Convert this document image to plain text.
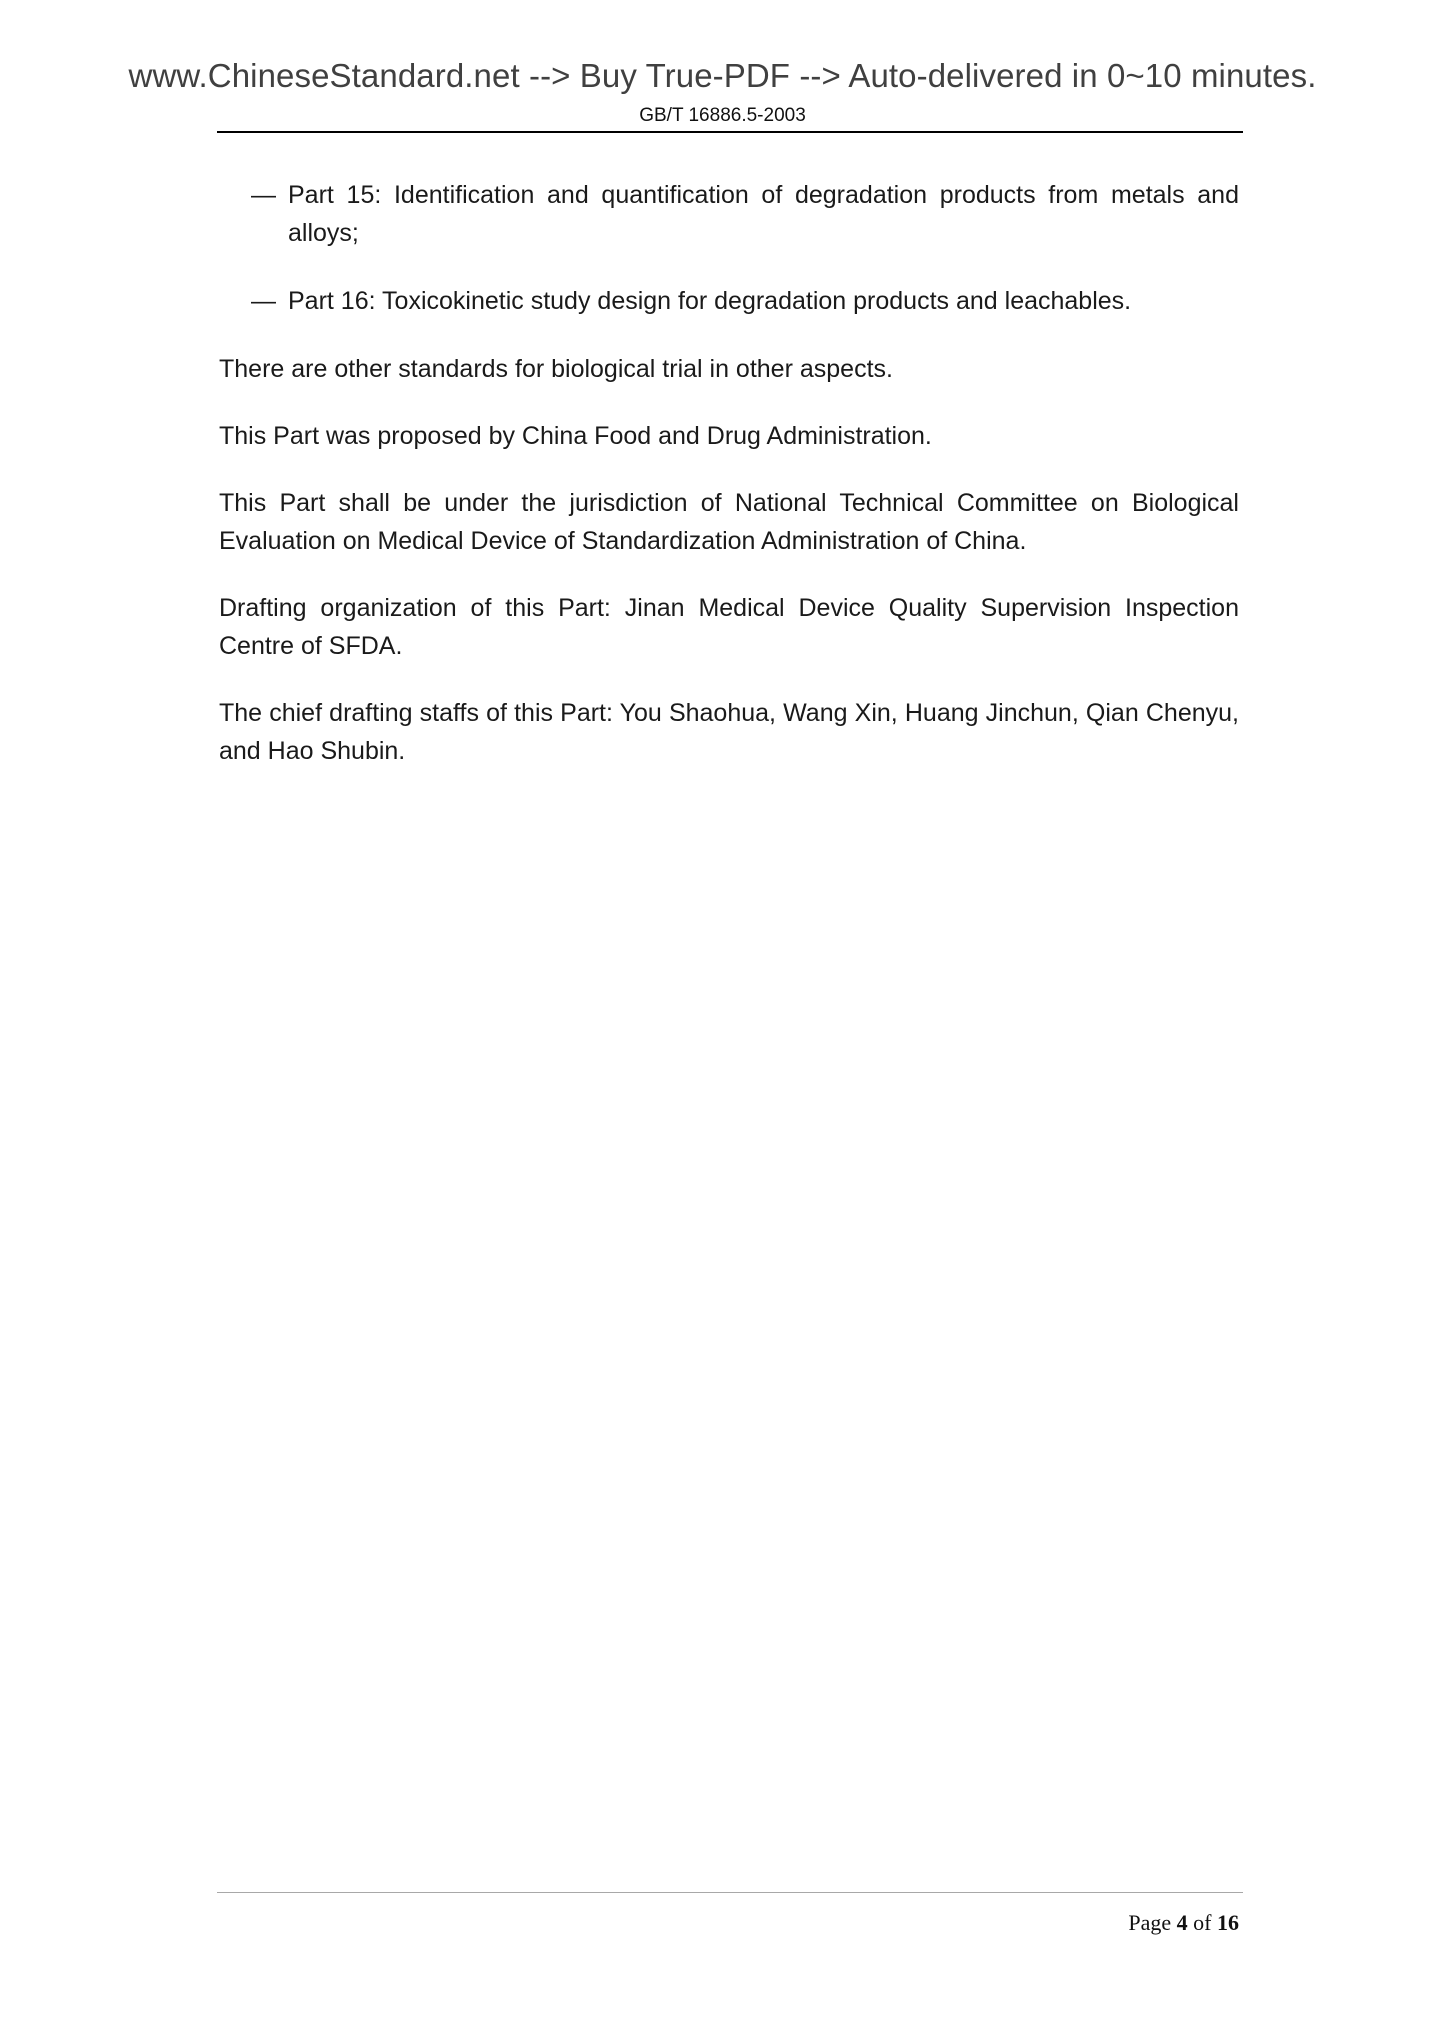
www.ChineseStandard.net --> Buy True-PDF --> Auto-delivered in 0~10 minutes.
GB/T 16886.5-2003
— Part 15: Identification and quantification of degradation products from metals and alloys;
— Part 16: Toxicokinetic study design for degradation products and leachables.

There are other standards for biological trial in other aspects.

This Part was proposed by China Food and Drug Administration.

This Part shall be under the jurisdiction of National Technical Committee on Biological Evaluation on Medical Device of Standardization Administration of China.

Drafting organization of this Part: Jinan Medical Device Quality Supervision Inspection Centre of SFDA.

The chief drafting staffs of this Part: You Shaohua, Wang Xin, Huang Jinchun, Qian Chenyu, and Hao Shubin.

Page 4 of 16
